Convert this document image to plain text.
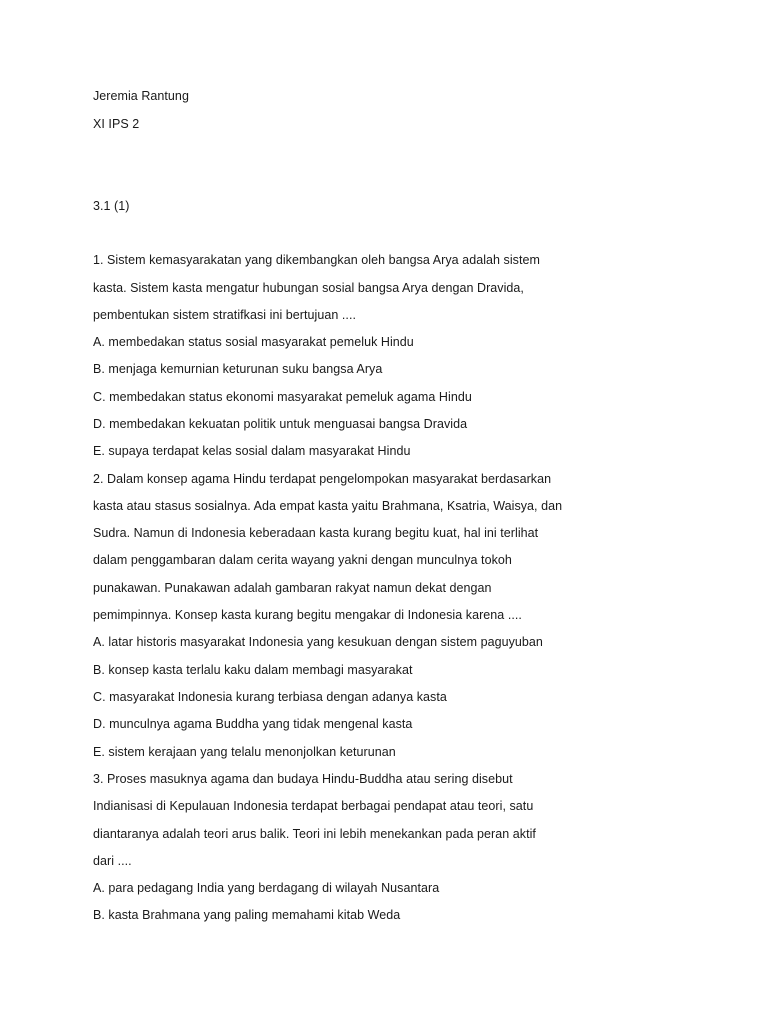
Jeremia Rantung
XI IPS 2
3.1 (1)
1. Sistem kemasyarakatan yang dikembangkan oleh bangsa Arya adalah sistem
kasta. Sistem kasta mengatur hubungan sosial bangsa Arya dengan Dravida,
pembentukan sistem stratifkasi ini bertujuan ....
A. membedakan status sosial masyarakat pemeluk Hindu
B. menjaga kemurnian keturunan suku bangsa Arya
C. membedakan status ekonomi masyarakat pemeluk agama Hindu
D. membedakan kekuatan politik untuk menguasai bangsa Dravida
E. supaya terdapat kelas sosial dalam masyarakat Hindu
2. Dalam konsep agama Hindu terdapat pengelompokan masyarakat berdasarkan
kasta atau stasus sosialnya. Ada empat kasta yaitu Brahmana, Ksatria, Waisya, dan
Sudra. Namun di Indonesia keberadaan kasta kurang begitu kuat, hal ini terlihat
dalam penggambaran dalam cerita wayang yakni dengan munculnya tokoh
punakawan. Punakawan adalah gambaran rakyat namun dekat dengan
pemimpinnya. Konsep kasta kurang begitu mengakar di Indonesia karena ....
A. latar historis masyarakat Indonesia yang kesukuan dengan sistem paguyuban
B. konsep kasta terlalu kaku dalam membagi masyarakat
C. masyarakat Indonesia kurang terbiasa dengan adanya kasta
D. munculnya agama Buddha yang tidak mengenal kasta
E. sistem kerajaan yang telalu menonjolkan keturunan
3. Proses masuknya agama dan budaya Hindu-Buddha atau sering disebut
Indianisasi di Kepulauan Indonesia terdapat berbagai pendapat atau teori, satu
diantaranya adalah teori arus balik. Teori ini lebih menekankan pada peran aktif
dari ....
A. para pedagang India yang berdagang di wilayah Nusantara
B. kasta Brahmana yang paling memahami kitab Weda
